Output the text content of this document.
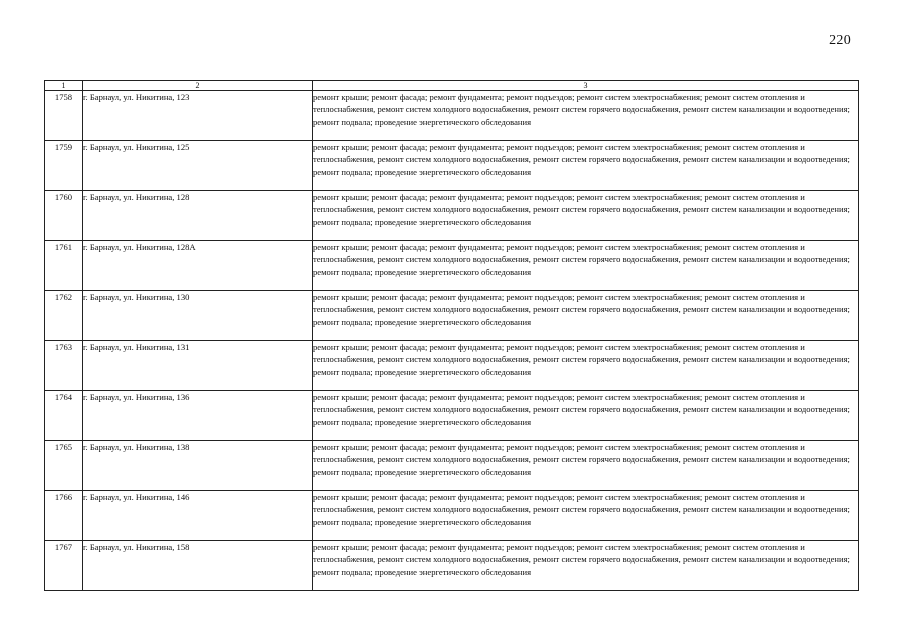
220
1	2	3
1758	г. Барнаул, ул. Никитина, 123	ремонт крыши; ремонт фасада; ремонт фундамента; ремонт подъездов; ремонт систем электроснабжения; ремонт систем отопления и теплоснабжения, ремонт систем холодного водоснабжения, ремонт систем горячего водоснабжения, ремонт систем канализации и водоотведения; ремонт подвала; проведение энергетического обследования
1759	г. Барнаул, ул. Никитина, 125	ремонт крыши; ремонт фасада; ремонт фундамента; ремонт подъездов; ремонт систем электроснабжения; ремонт систем отопления и теплоснабжения, ремонт систем холодного водоснабжения, ремонт систем горячего водоснабжения, ремонт систем канализации и водоотведения; ремонт подвала; проведение энергетического обследования
1760	г. Барнаул, ул. Никитина, 128	ремонт крыши; ремонт фасада; ремонт фундамента; ремонт подъездов; ремонт систем электроснабжения; ремонт систем отопления и теплоснабжения, ремонт систем холодного водоснабжения, ремонт систем горячего водоснабжения, ремонт систем канализации и водоотведения; ремонт подвала; проведение энергетического обследования
1761	г. Барнаул, ул. Никитина, 128А	ремонт крыши; ремонт фасада; ремонт фундамента; ремонт подъездов; ремонт систем электроснабжения; ремонт систем отопления и теплоснабжения, ремонт систем холодного водоснабжения, ремонт систем горячего водоснабжения, ремонт систем канализации и водоотведения; ремонт подвала; проведение энергетического обследования
1762	г. Барнаул, ул. Никитина, 130	ремонт крыши; ремонт фасада; ремонт фундамента; ремонт подъездов; ремонт систем электроснабжения; ремонт систем отопления и теплоснабжения, ремонт систем холодного водоснабжения, ремонт систем горячего водоснабжения, ремонт систем канализации и водоотведения; ремонт подвала; проведение энергетического обследования
1763	г. Барнаул, ул. Никитина, 131	ремонт крыши; ремонт фасада; ремонт фундамента; ремонт подъездов; ремонт систем электроснабжения; ремонт систем отопления и теплоснабжения, ремонт систем холодного водоснабжения, ремонт систем горячего водоснабжения, ремонт систем канализации и водоотведения; ремонт подвала; проведение энергетического обследования
1764	г. Барнаул, ул. Никитина, 136	ремонт крыши; ремонт фасада; ремонт фундамента; ремонт подъездов; ремонт систем электроснабжения; ремонт систем отопления и теплоснабжения, ремонт систем холодного водоснабжения, ремонт систем горячего водоснабжения, ремонт систем канализации и водоотведения; ремонт подвала; проведение энергетического обследования
1765	г. Барнаул, ул. Никитина, 138	ремонт крыши; ремонт фасада; ремонт фундамента; ремонт подъездов; ремонт систем электроснабжения; ремонт систем отопления и теплоснабжения, ремонт систем холодного водоснабжения, ремонт систем горячего водоснабжения, ремонт систем канализации и водоотведения; ремонт подвала; проведение энергетического обследования
1766	г. Барнаул, ул. Никитина, 146	ремонт крыши; ремонт фасада; ремонт фундамента; ремонт подъездов; ремонт систем электроснабжения; ремонт систем отопления и теплоснабжения, ремонт систем холодного водоснабжения, ремонт систем горячего водоснабжения, ремонт систем канализации и водоотведения; ремонт подвала; проведение энергетического обследования
1767	г. Барнаул, ул. Никитина, 158	ремонт крыши; ремонт фасада; ремонт фундамента; ремонт подъездов; ремонт систем электроснабжения; ремонт систем отопления и теплоснабжения, ремонт систем холодного водоснабжения, ремонт систем горячего водоснабжения, ремонт систем канализации и водоотведения; ремонт подвала; проведение энергетического обследования
